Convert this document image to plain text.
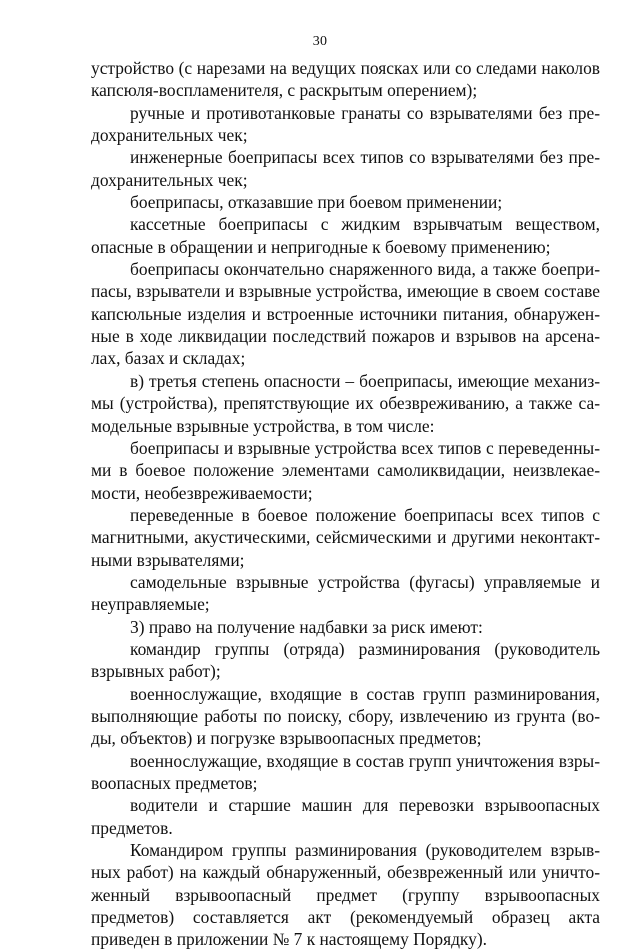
30

устройство (с нарезами на ведущих поясках или со следами наколов капсюля-воспламенителя, с раскрытым оперением);

ручные и противотанковые гранаты со взрывателями без предохранительных чек;

инженерные боеприпасы всех типов со взрывателями без предохранительных чек;

боеприпасы, отказавшие при боевом применении;

кассетные боеприпасы с жидким взрывчатым веществом, опасные в обращении и непригодные к боевому применению;

боеприпасы окончательно снаряженного вида, а также боеприпасы, взрыватели и взрывные устройства, имеющие в своем составе капсюльные изделия и встроенные источники питания, обнаруженные в ходе ликвидации последствий пожаров и взрывов на арсеналах, базах и складах;

в) третья степень опасности – боеприпасы, имеющие механизмы (устройства), препятствующие их обезвреживанию, а также самодельные взрывные устройства, в том числе:

боеприпасы и взрывные устройства всех типов с переведенными в боевое положение элементами самоликвидации, неизвлекаемости, необезвреживаемости;

переведенные в боевое положение боеприпасы всех типов с магнитными, акустическими, сейсмическими и другими неконтактными взрывателями;

самодельные взрывные устройства (фугасы) управляемые и неуправляемые;

3) право на получение надбавки за риск имеют:

командир группы (отряда) разминирования (руководитель взрывных работ);

военнослужащие, входящие в состав групп разминирования, выполняющие работы по поиску, сбору, извлечению из грунта (воды, объектов) и погрузке взрывоопасных предметов;

военнослужащие, входящие в состав групп уничтожения взрывоопасных предметов;

водители и старшие машин для перевозки взрывоопасных предметов.

Командиром группы разминирования (руководителем взрывных работ) на каждый обнаруженный, обезвреженный или уничтоженный взрывоопасный предмет (группу взрывоопасных предметов) составляется акт (рекомендуемый образец акта приведен в приложении № 7 к настоящему Порядку).
